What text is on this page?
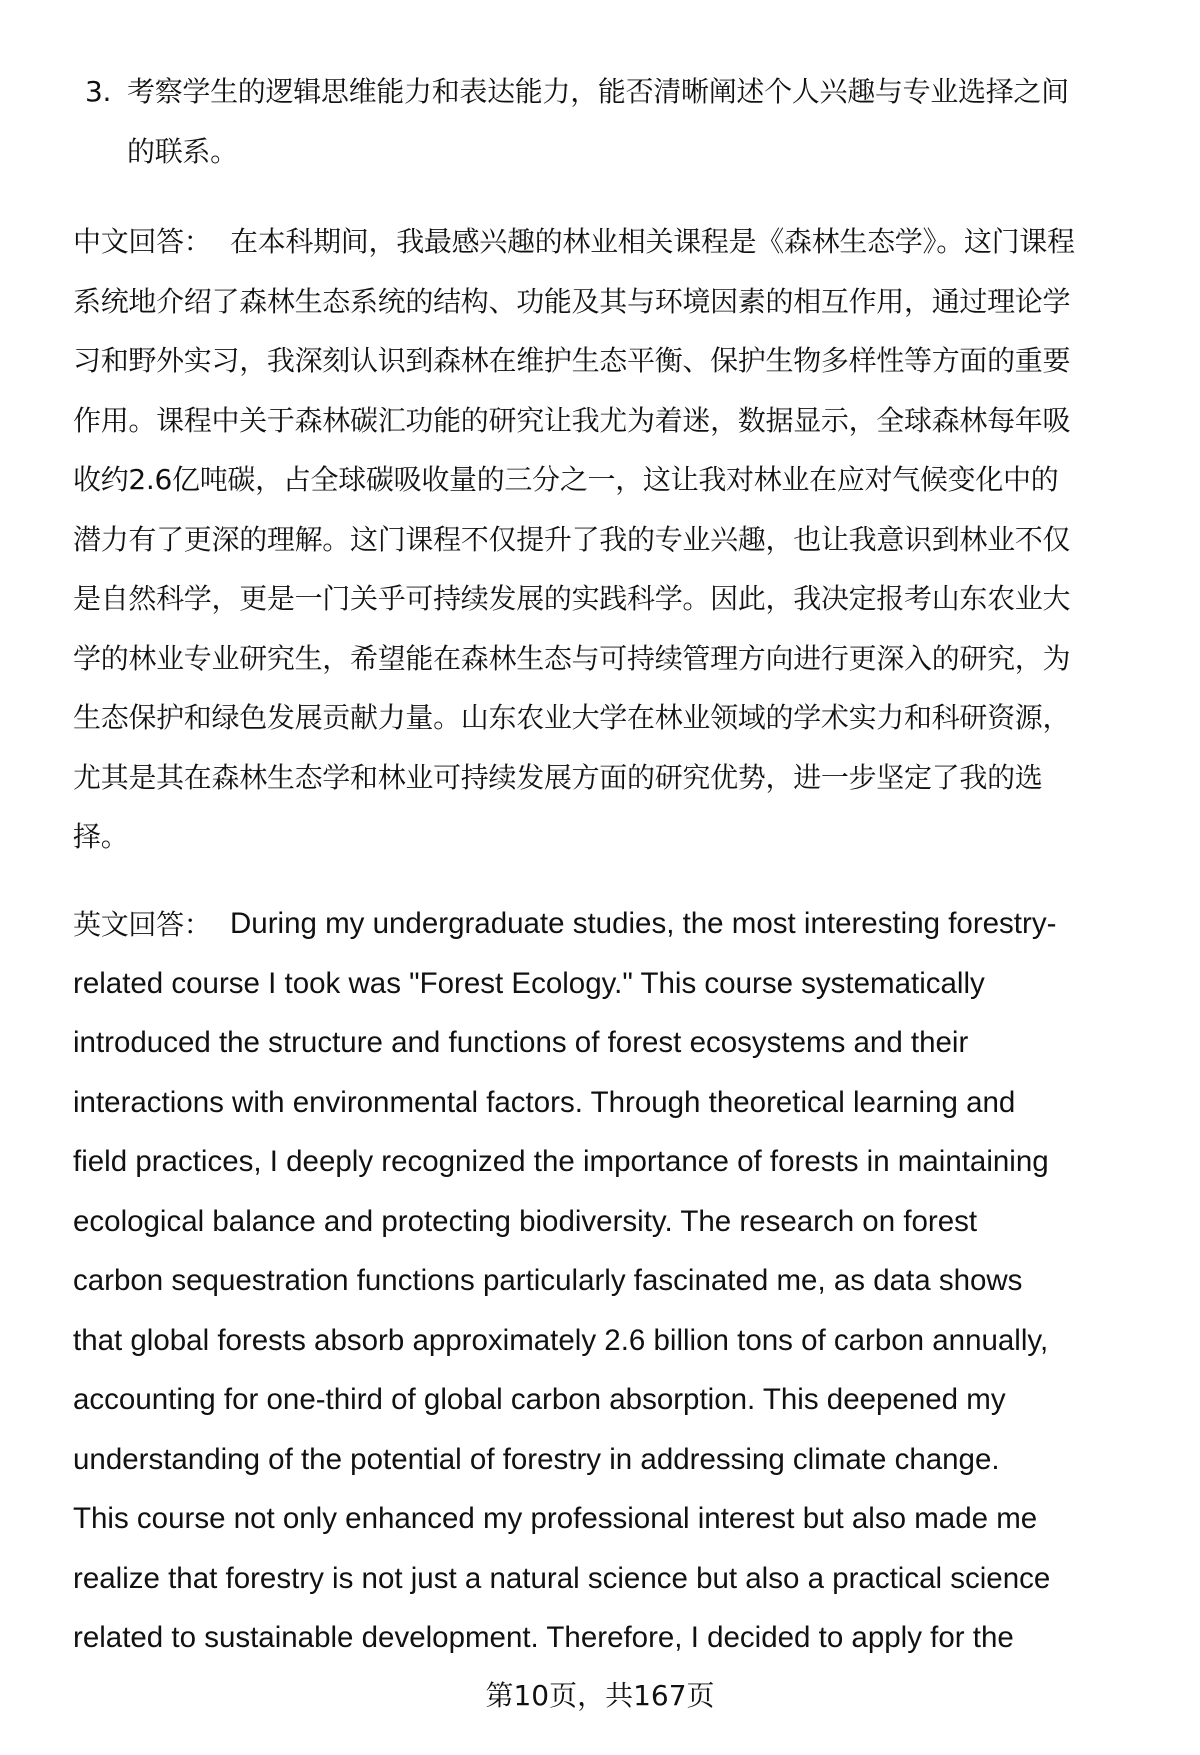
3. 考察学生的逻辑思维能力和表达能力，能否清晰阐述个人兴趣与专业选择之间
的联系。
中文回答： 在本科期间，我最感兴趣的林业相关课程是《森林生态学》。这门课程
系统地介绍了森林生态系统的结构、功能及其与环境因素的相互作用，通过理论学
习和野外实习，我深刻认识到森林在维护生态平衡、保护生物多样性等方面的重要
作用。课程中关于森林碳汇功能的研究让我尤为着迷，数据显示，全球森林每年吸
收约2.6亿吨碳，占全球碳吸收量的三分之一，这让我对林业在应对气候变化中的
潜力有了更深的理解。这门课程不仅提升了我的专业兴趣，也让我意识到林业不仅
是自然科学，更是一门关乎可持续发展的实践科学。因此，我决定报考山东农业大
学的林业专业研究生，希望能在森林生态与可持续管理方向进行更深入的研究，为
生态保护和绿色发展贡献力量。山东农业大学在林业领域的学术实力和科研资源，
尤其是其在森林生态学和林业可持续发展方面的研究优势，进一步坚定了我的选
择。
英文回答： During my undergraduate studies, the most interesting forestry-
related course I took was "Forest Ecology." This course systematically
introduced the structure and functions of forest ecosystems and their
interactions with environmental factors. Through theoretical learning and
field practices, I deeply recognized the importance of forests in maintaining
ecological balance and protecting biodiversity. The research on forest
carbon sequestration functions particularly fascinated me, as data shows
that global forests absorb approximately 2.6 billion tons of carbon annually,
accounting for one-third of global carbon absorption. This deepened my
understanding of the potential of forestry in addressing climate change.
This course not only enhanced my professional interest but also made me
realize that forestry is not just a natural science but also a practical science
related to sustainable development. Therefore, I decided to apply for the
第10页，共167页
